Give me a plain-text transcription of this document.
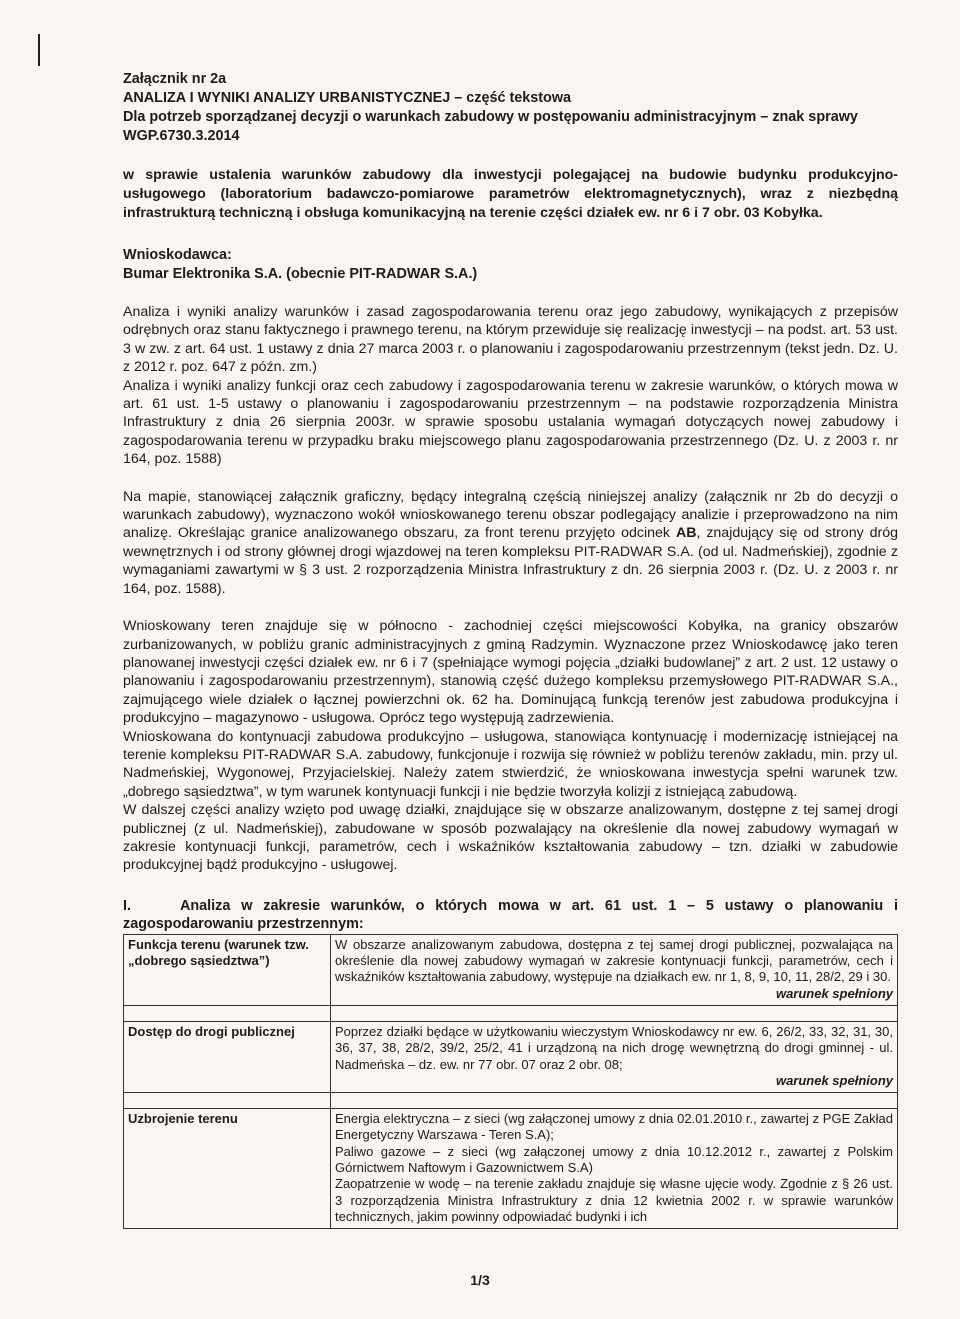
Załącznik nr 2a

ANALIZA I WYNIKI ANALIZY URBANISTYCZNEJ – część tekstowa

Dla potrzeb sporządzanej decyzji o warunkach zabudowy w postępowaniu administracyjnym – znak sprawy WGP.6730.3.2014

w sprawie ustalenia warunków zabudowy dla inwestycji polegającej na budowie budynku produkcyjno-usługowego (laboratorium badawczo-pomiarowe parametrów elektromagnetycznych), wraz z niezbędną infrastrukturą techniczną i obsługa komunikacyjną na terenie części działek ew. nr 6 i 7 obr. 03 Kobyłka.
Wnioskodawca:
Bumar Elektronika S.A. (obecnie PIT-RADWAR S.A.)

Analiza i wyniki analizy warunków i zasad zagospodarowania terenu oraz jego zabudowy, wynikających z przepisów odrębnych oraz stanu faktycznego i prawnego terenu, na którym przewiduje się realizację inwestycji – na podst. art. 53 ust. 3 w zw. z art. 64 ust. 1 ustawy z dnia 27 marca 2003 r. o planowaniu i zagospodarowaniu przestrzennym (tekst jedn. Dz. U. z 2012 r. poz. 647 z późn. zm.)

Analiza i wyniki analizy funkcji oraz cech zabudowy i zagospodarowania terenu w zakresie warunków, o których mowa w art. 61 ust. 1-5 ustawy o planowaniu i zagospodarowaniu przestrzennym – na podstawie rozporządzenia Ministra Infrastruktury z dnia 26 sierpnia 2003r. w sprawie sposobu ustalania wymagań dotyczących nowej zabudowy i zagospodarowania terenu w przypadku braku miejscowego planu zagospodarowania przestrzennego (Dz. U. z 2003 r. nr 164, poz. 1588)

Na mapie, stanowiącej załącznik graficzny, będący integralną częścią niniejszej analizy (załącznik nr 2b do decyzji o warunkach zabudowy), wyznaczono wokół wnioskowanego terenu obszar podlegający analizie i przeprowadzono na nim analizę. Określając granice analizowanego obszaru, za front terenu przyjęto odcinek AB, znajdujący się od strony dróg wewnętrznych i od strony głównej drogi wjazdowej na teren kompleksu PIT-RADWAR S.A. (od ul. Nadmeńskiej), zgodnie z wymaganiami zawartymi w § 3 ust. 2 rozporządzenia Ministra Infrastruktury z dn. 26 sierpnia 2003 r. (Dz. U. z 2003 r. nr 164, poz. 1588).

Wnioskowany teren znajduje się w północno - zachodniej części miejscowości Kobyłka, na granicy obszarów zurbanizowanych, w pobliżu granic administracyjnych z gminą Radzymin. Wyznaczone przez Wnioskodawcę jako teren planowanej inwestycji części działek ew. nr 6 i 7 (spełniające wymogi pojęcia „działki budowlanej” z art. 2 ust. 12 ustawy o planowaniu i zagospodarowaniu przestrzennym), stanowią część dużego kompleksu przemysłowego PIT-RADWAR S.A., zajmującego wiele działek o łącznej powierzchni ok. 62 ha. Dominującą funkcją terenów jest zabudowa produkcyjna i produkcyjno – magazynowo - usługowa. Oprócz tego występują zadrzewienia.

Wnioskowana do kontynuacji zabudowa produkcyjno – usługowa, stanowiąca kontynuację i modernizację istniejącej na terenie kompleksu PIT-RADWAR S.A. zabudowy, funkcjonuje i rozwija się również w pobliżu terenów zakładu, min. przy ul. Nadmeńskiej, Wygonowej, Przyjacielskiej. Należy zatem stwierdzić, że wnioskowana inwestycja spełni warunek tzw. „dobrego sąsiedztwa”, w tym warunek kontynuacji funkcji i nie będzie tworzyła kolizji z istniejącą zabudową.

W dalszej części analizy wzięto pod uwagę działki, znajdujące się w obszarze analizowanym, dostępne z tej samej drogi publicznej (z ul. Nadmeńskiej), zabudowane w sposób pozwalający na określenie dla nowej zabudowy wymagań w zakresie kontynuacji funkcji, parametrów, cech i wskaźników kształtowania zabudowy – tzn. działki w zabudowie produkcyjnej bądź produkcyjno - usługowej.

I.	Analiza w zakresie warunków, o których mowa w art. 61 ust. 1 – 5 ustawy o planowaniu i zagospodarowaniu przestrzennym:
Funkcja terenu (warunek tzw. „dobrego sąsiedztwa”)	W obszarze analizowanym zabudowa, dostępna z tej samej drogi publicznej, pozwalająca na określenie dla nowej zabudowy wymagań w zakresie kontynuacji funkcji, parametrów, cech i wskaźników kształtowania zabudowy, występuje na działkach ew. nr 1, 8, 9, 10, 11, 28/2, 29 i 30.
warunek spełniony

Dostęp do drogi publicznej	Poprzez działki będące w użytkowaniu wieczystym Wnioskodawcy nr ew. 6, 26/2, 33, 32, 31, 30, 36, 37, 38, 28/2, 39/2, 25/2, 41 i urządzoną na nich drogę wewnętrzną do drogi gminnej - ul. Nadmeńska – dz. ew. nr 77 obr. 07 oraz 2 obr. 08;
warunek spełniony

Uzbrojenie terenu	Energia elektryczna – z sieci (wg załączonej umowy z dnia 02.01.2010 r., zawartej z PGE Zakład Energetyczny Warszawa - Teren S.A);
Paliwo gazowe – z sieci (wg załączonej umowy z dnia 10.12.2012 r., zawartej z Polskim Górnictwem Naftowym i Gazownictwem S.A)
Zaopatrzenie w wodę – na terenie zakładu znajduje się własne ujęcie wody. Zgodnie z § 26 ust. 3 rozporządzenia Ministra Infrastruktury z dnia 12 kwietnia 2002 r. w sprawie warunków technicznych, jakim powinny odpowiadać budynki i ich
1/3
